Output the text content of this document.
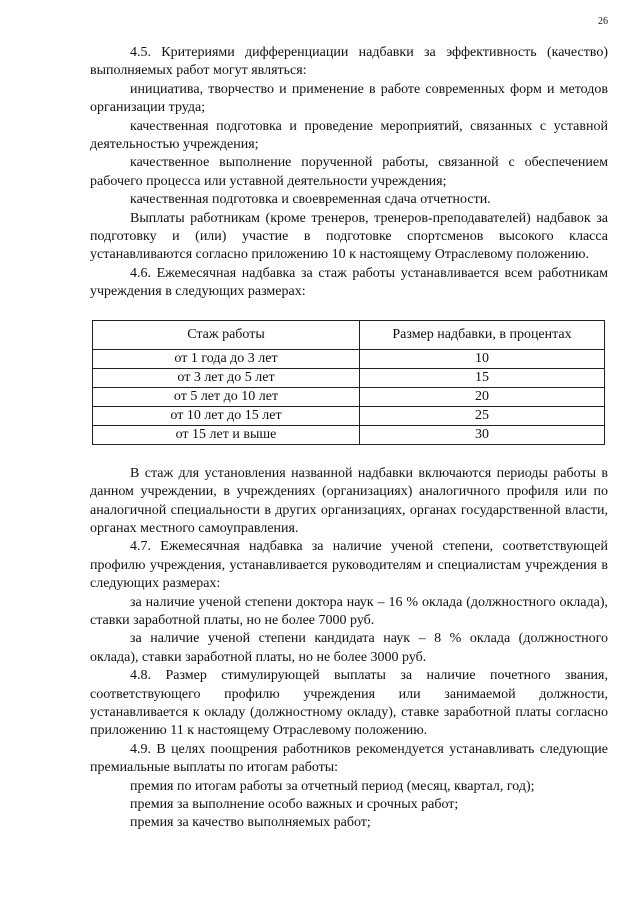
26

4.5. Критериями дифференциации надбавки за эффективность (качество) выполняемых работ могут являться:

инициатива, творчество и применение в работе современных форм и методов организации труда;

качественная подготовка и проведение мероприятий, связанных с уставной деятельностью учреждения;

качественное выполнение порученной работы, связанной с обеспечением рабочего процесса или уставной деятельности учреждения;

качественная подготовка и своевременная сдача отчетности.

Выплаты работникам (кроме тренеров, тренеров-преподавателей) надбавок за подготовку и (или) участие в подготовке спортсменов высокого класса устанавливаются согласно приложению 10 к настоящему Отраслевому положению.

4.6. Ежемесячная надбавка за стаж работы устанавливается всем работникам учреждения в следующих размерах:

Стаж работы	Размер надбавки, в процентах
от 1 года до 3 лет	10
от 3 лет до 5 лет	15
от 5 лет до 10 лет	20
от 10 лет до 15 лет	25
от 15 лет и выше	30

В стаж для установления названной надбавки включаются периоды работы в данном учреждении, в учреждениях (организациях) аналогичного профиля или по аналогичной специальности в других организациях, органах государственной власти, органах местного самоуправления.

4.7. Ежемесячная надбавка за наличие ученой степени, соответствующей профилю учреждения, устанавливается руководителям и специалистам учреждения в следующих размерах:

за наличие ученой степени доктора наук – 16 % оклада (должностного оклада), ставки заработной платы, но не более 7000 руб.

за наличие ученой степени кандидата наук – 8 % оклада (должностного оклада), ставки заработной платы, но не более 3000 руб.

4.8. Размер стимулирующей выплаты за наличие почетного звания, соответствующего профилю учреждения или занимаемой должности, устанавливается к окладу (должностному окладу), ставке заработной платы согласно приложению 11 к настоящему Отраслевому положению.

4.9. В целях поощрения работников рекомендуется устанавливать следующие премиальные выплаты по итогам работы:

премия по итогам работы за отчетный период (месяц, квартал, год);

премия за выполнение особо важных и срочных работ;

премия за качество выполняемых работ;
